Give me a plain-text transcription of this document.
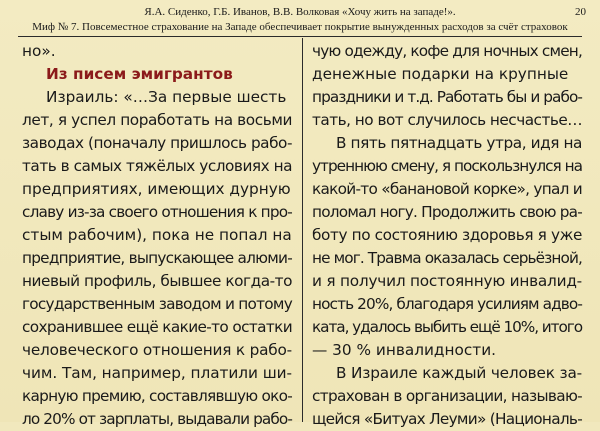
Я.А. Сиденко, Г.Б. Иванов, В.В. Волковая «Хочу жить на западе!».	20
Миф № 7. Повсеместное страхование на Западе обеспечивает покрытие вынужденных расходов за счёт страховок
но».
Из писем эмигрантов
Израиль: «…За первые шесть
лет, я успел поработать на восьми
заводах (поначалу пришлось рабо-
тать в самых тяжёлых условиях на
предприятиях, имеющих дурную
славу из-за своего отношения к про-
стым рабочим), пока не попал на
предприятие, выпускающее алюми-
ниевый профиль, бывшее когда-то
государственным заводом и потому
сохранившее ещё какие-то остатки
человеческого отношения к рабо-
чим. Там, например, платили ши-
карную премию, составлявшую око-
ло 20% от зарплаты, выдавали рабо-
чую одежду, кофе для ночных смен,
денежные подарки на крупные
праздники и т.д. Работать бы и рабо-
тать, но вот случилось несчастье…
В пять пятнадцать утра, идя на
утреннюю смену, я поскользнулся на
какой-то «банановой корке», упал и
поломал ногу. Продолжить свою ра-
боту по состоянию здоровья я уже
не мог. Травма оказалась серьёзной,
и я получил постоянную инвалид-
ность 20%, благодаря усилиям адво-
ката, удалось выбить ещё 10%, итого
— 30 % инвалидности.
В Израиле каждый человек за-
страхован в организации, называю-
щейся «Битуах Леуми» (Националь-
